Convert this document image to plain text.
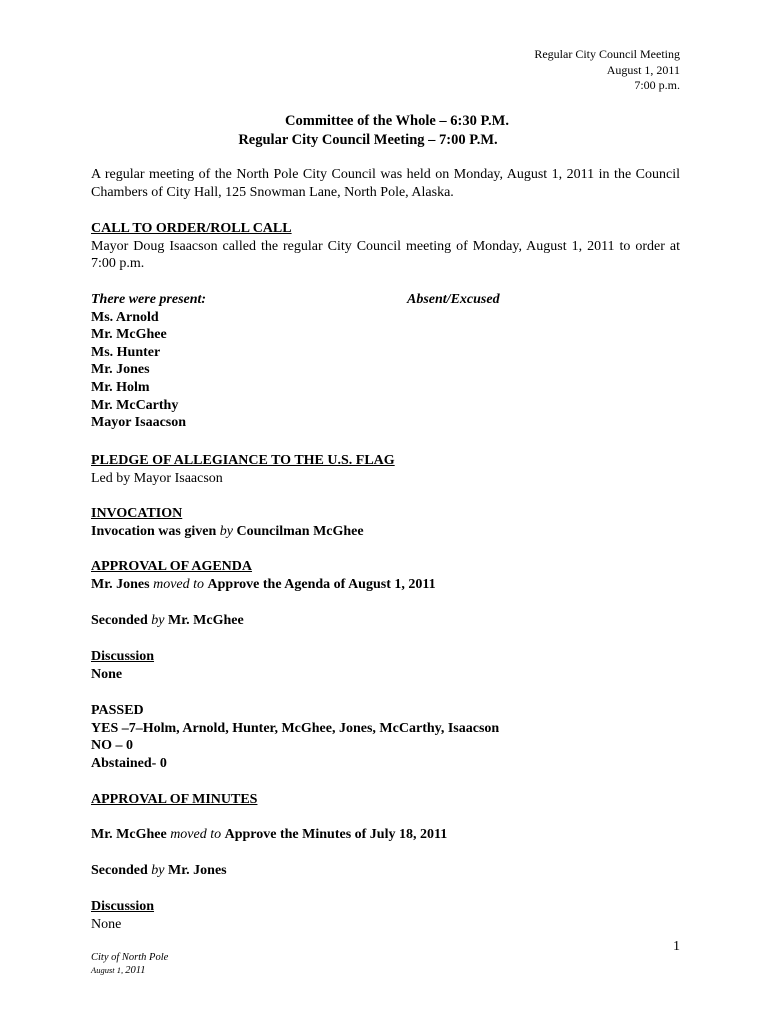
Regular City Council Meeting
August 1, 2011
7:00 p.m.
Committee of the Whole – 6:30 P.M.
Regular City Council Meeting – 7:00 P.M.
A regular meeting of the North Pole City Council was held on Monday, August 1, 2011 in the Council Chambers of City Hall, 125 Snowman Lane, North Pole, Alaska.
CALL TO ORDER/ROLL CALL
Mayor Doug Isaacson called the regular City Council meeting of Monday, August 1, 2011 to order at 7:00 p.m.
There were present:	Absent/Excused
Ms. Arnold
Mr. McGhee
Ms. Hunter
Mr. Jones
Mr. Holm
Mr. McCarthy
Mayor Isaacson
PLEDGE OF ALLEGIANCE TO THE U.S. FLAG
Led by Mayor Isaacson
INVOCATION
Invocation was given by Councilman McGhee
APPROVAL OF AGENDA
Mr. Jones moved to Approve the Agenda of August 1, 2011
Seconded by Mr. McGhee
Discussion
None
PASSED
YES –7–Holm, Arnold, Hunter, McGhee, Jones, McCarthy, Isaacson
NO – 0
Abstained- 0
APPROVAL OF MINUTES
Mr. McGhee moved to Approve the Minutes of July 18, 2011
Seconded by Mr. Jones
Discussion
None
1
City of North Pole
August 1, 2011
